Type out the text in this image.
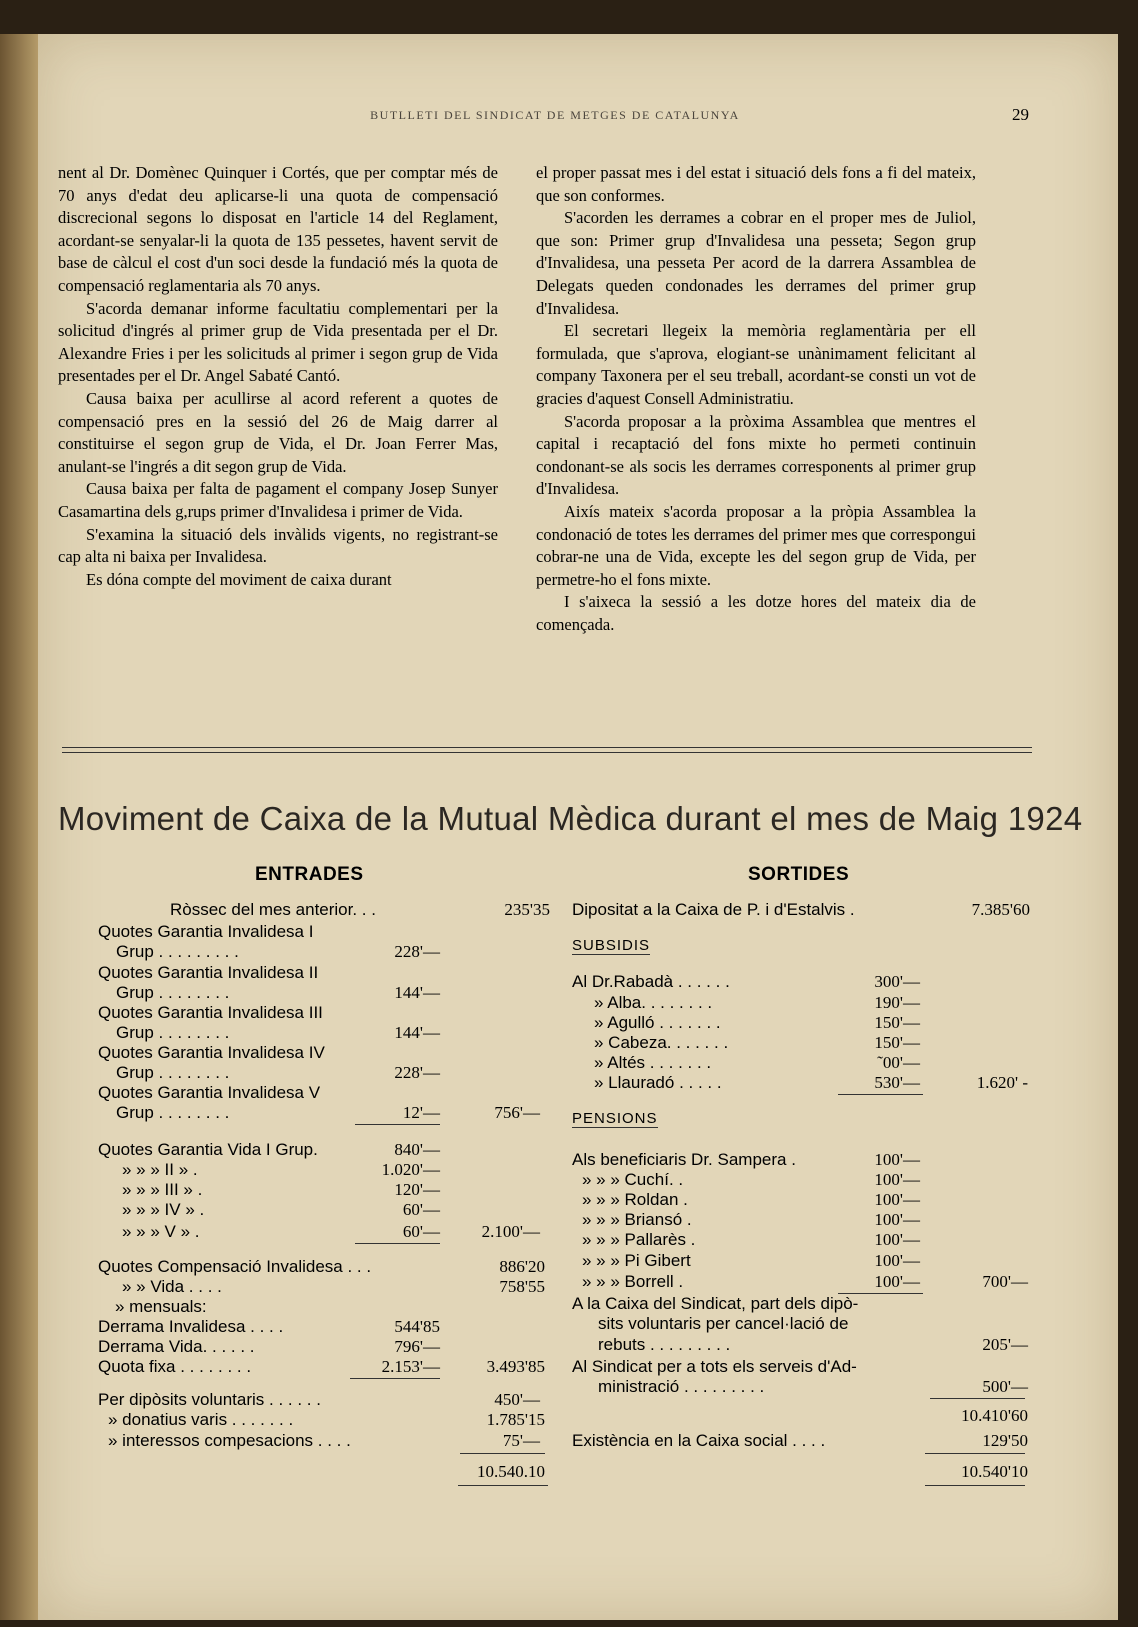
BUTLLETI DEL SINDICAT DE METGES DE CATALUNYA	29

nent al Dr. Domènec Quinquer i Cortés, que per comptar més de 70 anys d'edat deu aplicarse-li una quota de compensació discrecional segons lo disposat en l'article 14 del Reglament, acordant-se senyalar-li la quota de 135 pessetes, havent servit de base de càlcul el cost d'un soci desde la fundació més la quota de compensació reglamentaria als 70 anys.

S'acorda demanar informe facultatiu complementari per la solicitud d'ingrés al primer grup de Vida presentada per el Dr. Alexandre Fries i per les solicituds al primer i segon grup de Vida presentades per el Dr. Angel Sabaté Cantó.

Causa baixa per acullirse al acord referent a quotes de compensació pres en la sessió del 26 de Maig darrer al constituirse el segon grup de Vida, el Dr. Joan Ferrer Mas, anulant-se l'ingrés a dit segon grup de Vida.

Causa baixa per falta de pagament el company Josep Sunyer Casamartina dels g,rups primer d'Invalidesa i primer de Vida.

S'examina la situació dels invàlids vigents, no registrant-se cap alta ni baixa per Invalidesa.

Es dóna compte del moviment de caixa durant

el proper passat mes i del estat i situació dels fons a fi del mateix, que son conformes.

S'acorden les derrames a cobrar en el proper mes de Juliol, que son: Primer grup d'Invalidesa una pesseta; Segon grup d'Invalidesa, una pesseta Per acord de la darrera Assamblea de Delegats queden condonades les derrames del primer grup d'Invalidesa.

El secretari llegeix la memòria reglamentària per ell formulada, que s'aprova, elogiant-se unànimament felicitant al company Taxonera per el seu treball, acordant-se consti un vot de gracies d'aquest Consell Administratiu.

S'acorda proposar a la pròxima Assamblea que mentres el capital i recaptació del fons mixte ho permeti continuin condonant-se als socis les derrames corresponents al primer grup d'Invalidesa.

Aixís mateix s'acorda proposar a la pròpia Assamblea la condonació de totes les derrames del primer mes que correspongui cobrar-ne una de Vida, excepte les del segon grup de Vida, per permetre-ho el fons mixte.

I s'aixeca la sessió a les dotze hores del mateix dia de començada.

Moviment de Caixa de la Mutual Mèdica durant el mes de Maig 1924
ENTRADES
Ròssec del mes anterior. . .	235'35
Quotes Garantia Invalidesa I
Grup . . . . . . . . .	228'—
Quotes Garantia Invalidesa II
Grup . . . . . . . .	144'—
Quotes Garantia Invalidesa III
Grup . . . . . . . .	144'—
Quotes Garantia Invalidesa IV
Grup . . . . . . . .	228'—
Quotes Garantia Invalidesa V
Grup . . . . . . . .	12'—	756'—
Quotes Garantia Vida I Grup.	840'—
» » » II » .	1.020'—
» » » III » .	120'—
» » » IV » .	60'—
» » » V » .	60'—	2.100'—
Quotes Compensació Invalidesa . . .	886'20
» » Vida . . . .	758'55
» mensuals:
Derrama Invalidesa . . . .	544'85
Derrama Vida. . . . . .	796'—
Quota fixa . . . . . . . .	2.153'—	3.493'85
Per dipòsits voluntaris . . . . . .	450'—
» donatius varis . . . . . . .	1.785'15
» interessos compesacions . . . .	75'—
10.540.10
SORTIDES
Dipositat a la Caixa de P. i d'Estalvis .	7.385'60
SUBSIDIS
Al Dr.Rabadà . . . . . .	300'—
» Alba. . . . . . . .	190'—
» Agulló . . . . . . .	150'—
» Cabeza. . . . . . .	150'—
» Altés . . . . . . .	˜00'—
» Llauradó . . . . .	530'—	1.620' -
PENSIONS
Als beneficiaris Dr. Sampera .	100'—
» » » Cuchí. .	100'—
» » » Roldan .	100'—
» » » Briansó .	100'—
» » » Pallarès .	100'—
» » » Pi Gibert	100'—
» » » Borrell .	100'—	700'—
A la Caixa del Sindicat, part dels dipò-
sits voluntaris per cancel·lació de
rebuts . . . . . . . . .	205'—
Al Sindicat per a tots els serveis d'Ad-
ministració . . . . . . . . .	500'—
10.410'60
Existència en la Caixa social . . . .	129'50
10.540'10
